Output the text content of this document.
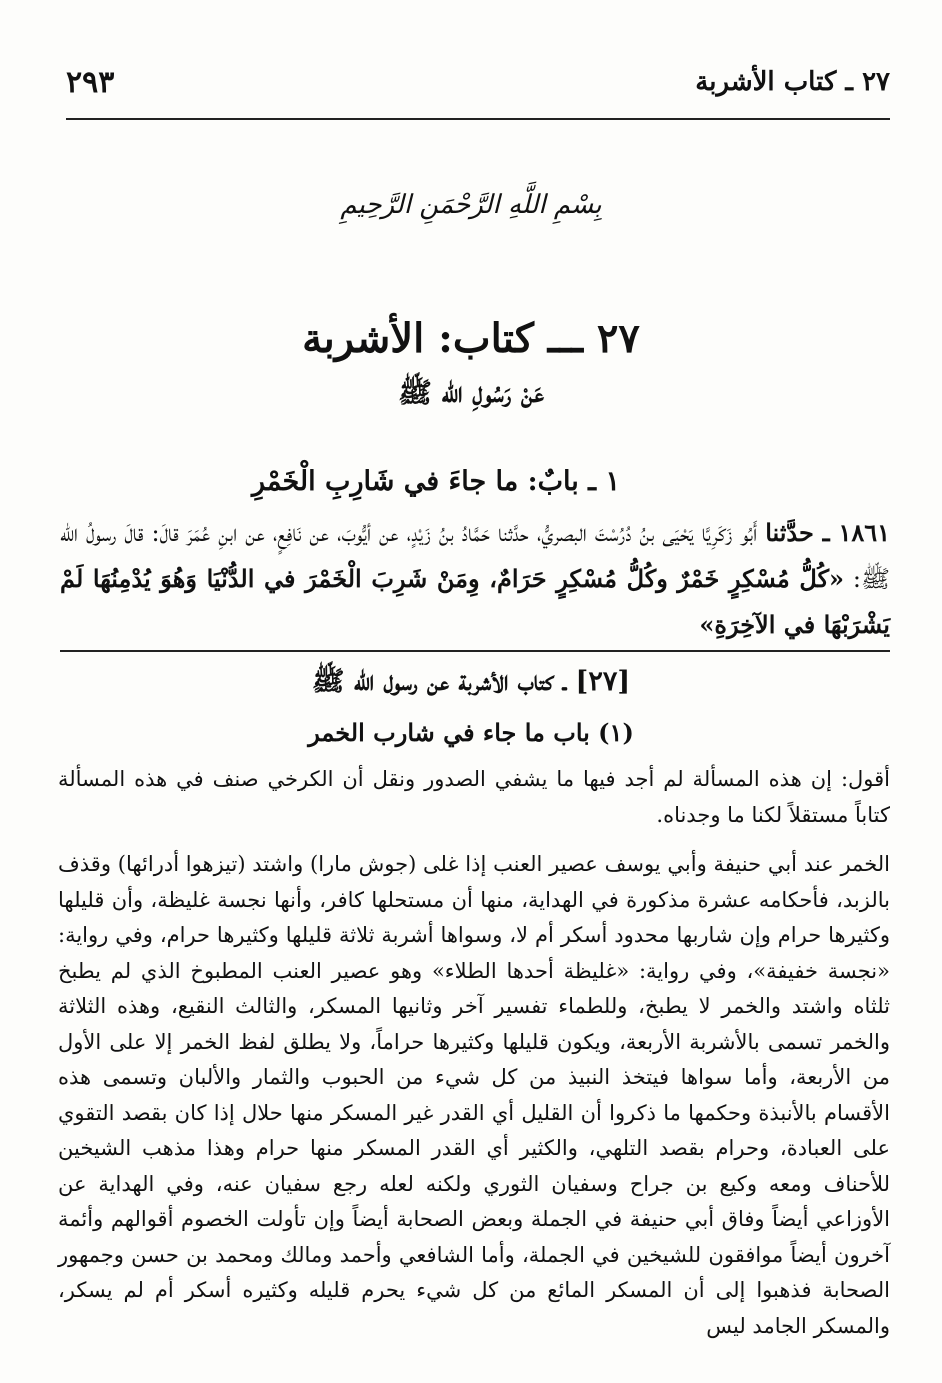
٢٩٣	٢٧ ـ كتاب الأشربة
بِسْمِ اللَّهِ الرَّحْمَنِ الرَّحِيمِ
٢٧ ـــ كتاب: الأشربة
عَنْ رَسُولِ الله ﷺ
١ ـ بابٌ: ما جاءَ في شَارِبِ الْخَمْرِ
١٨٦١ ـ حدَّثنا أَبُو زَكَرِيَّا يَحْيَى بنُ دُرُسْتَ البصريُّ، حدَّثنا حَمَّادُ بنُ زَيْدٍ، عن أيُّوبَ، عن نَافِعٍ، عن ابنِ عُمَرَ قالَ: قالَ رسولُ الله ﷺ: «كُلُّ مُسْكِرٍ خَمْرٌ وكُلُّ مُسْكِرٍ حَرَامٌ، وِمَنْ شَرِبَ الْخَمْرَ في الدُّنْيَا وَهُوَ يُدْمِنُهَا لَمْ يَشْرَبْهَا في الآخِرَةِ»
[٢٧] ـ كتاب الأشربة عن رسول الله ﷺ
(١) باب ما جاء في شارب الخمر

أقول: إن هذه المسألة لم أجد فيها ما يشفي الصدور ونقل أن الكرخي صنف في هذه المسألة كتاباً مستقلاً لكنا ما وجدناه.

الخمر عند أبي حنيفة وأبي يوسف عصير العنب إذا غلى (جوش مارا) واشتد (تيزهوا أدرائها) وقذف بالزبد، فأحكامه عشرة مذكورة في الهداية، منها أن مستحلها كافر، وأنها نجسة غليظة، وأن قليلها وكثيرها حرام وإن شاربها محدود أسكر أم لا، وسواها أشربة ثلاثة قليلها وكثيرها حرام، وفي رواية: «نجسة خفيفة»، وفي رواية: «غليظة أحدها الطلاء» وهو عصير العنب المطبوخ الذي لم يطبخ ثلثاه واشتد والخمر لا يطبخ، وللطماء تفسير آخر وثانيها المسكر، والثالث النقيع، وهذه الثلاثة والخمر تسمى بالأشربة الأربعة، ويكون قليلها وكثيرها حراماً، ولا يطلق لفظ الخمر إلا على الأول من الأربعة، وأما سواها فيتخذ النبيذ من كل شيء من الحبوب والثمار والألبان وتسمى هذه الأقسام بالأنبذة وحكمها ما ذكروا أن القليل أي القدر غير المسكر منها حلال إذا كان بقصد التقوي على العبادة، وحرام بقصد التلهي، والكثير أي القدر المسكر منها حرام وهذا مذهب الشيخين للأحناف ومعه وكيع بن جراح وسفيان الثوري ولكنه لعله رجع سفيان عنه، وفي الهداية عن الأوزاعي أيضاً وفاق أبي حنيفة في الجملة وبعض الصحابة أيضاً وإن تأولت الخصوم أقوالهم وأئمة آخرون أيضاً موافقون للشيخين في الجملة، وأما الشافعي وأحمد ومالك ومحمد بن حسن وجمهور الصحابة فذهبوا إلى أن المسكر المائع من كل شيء يحرم قليله وكثيره أسكر أم لم يسكر، والمسكر الجامد ليس
